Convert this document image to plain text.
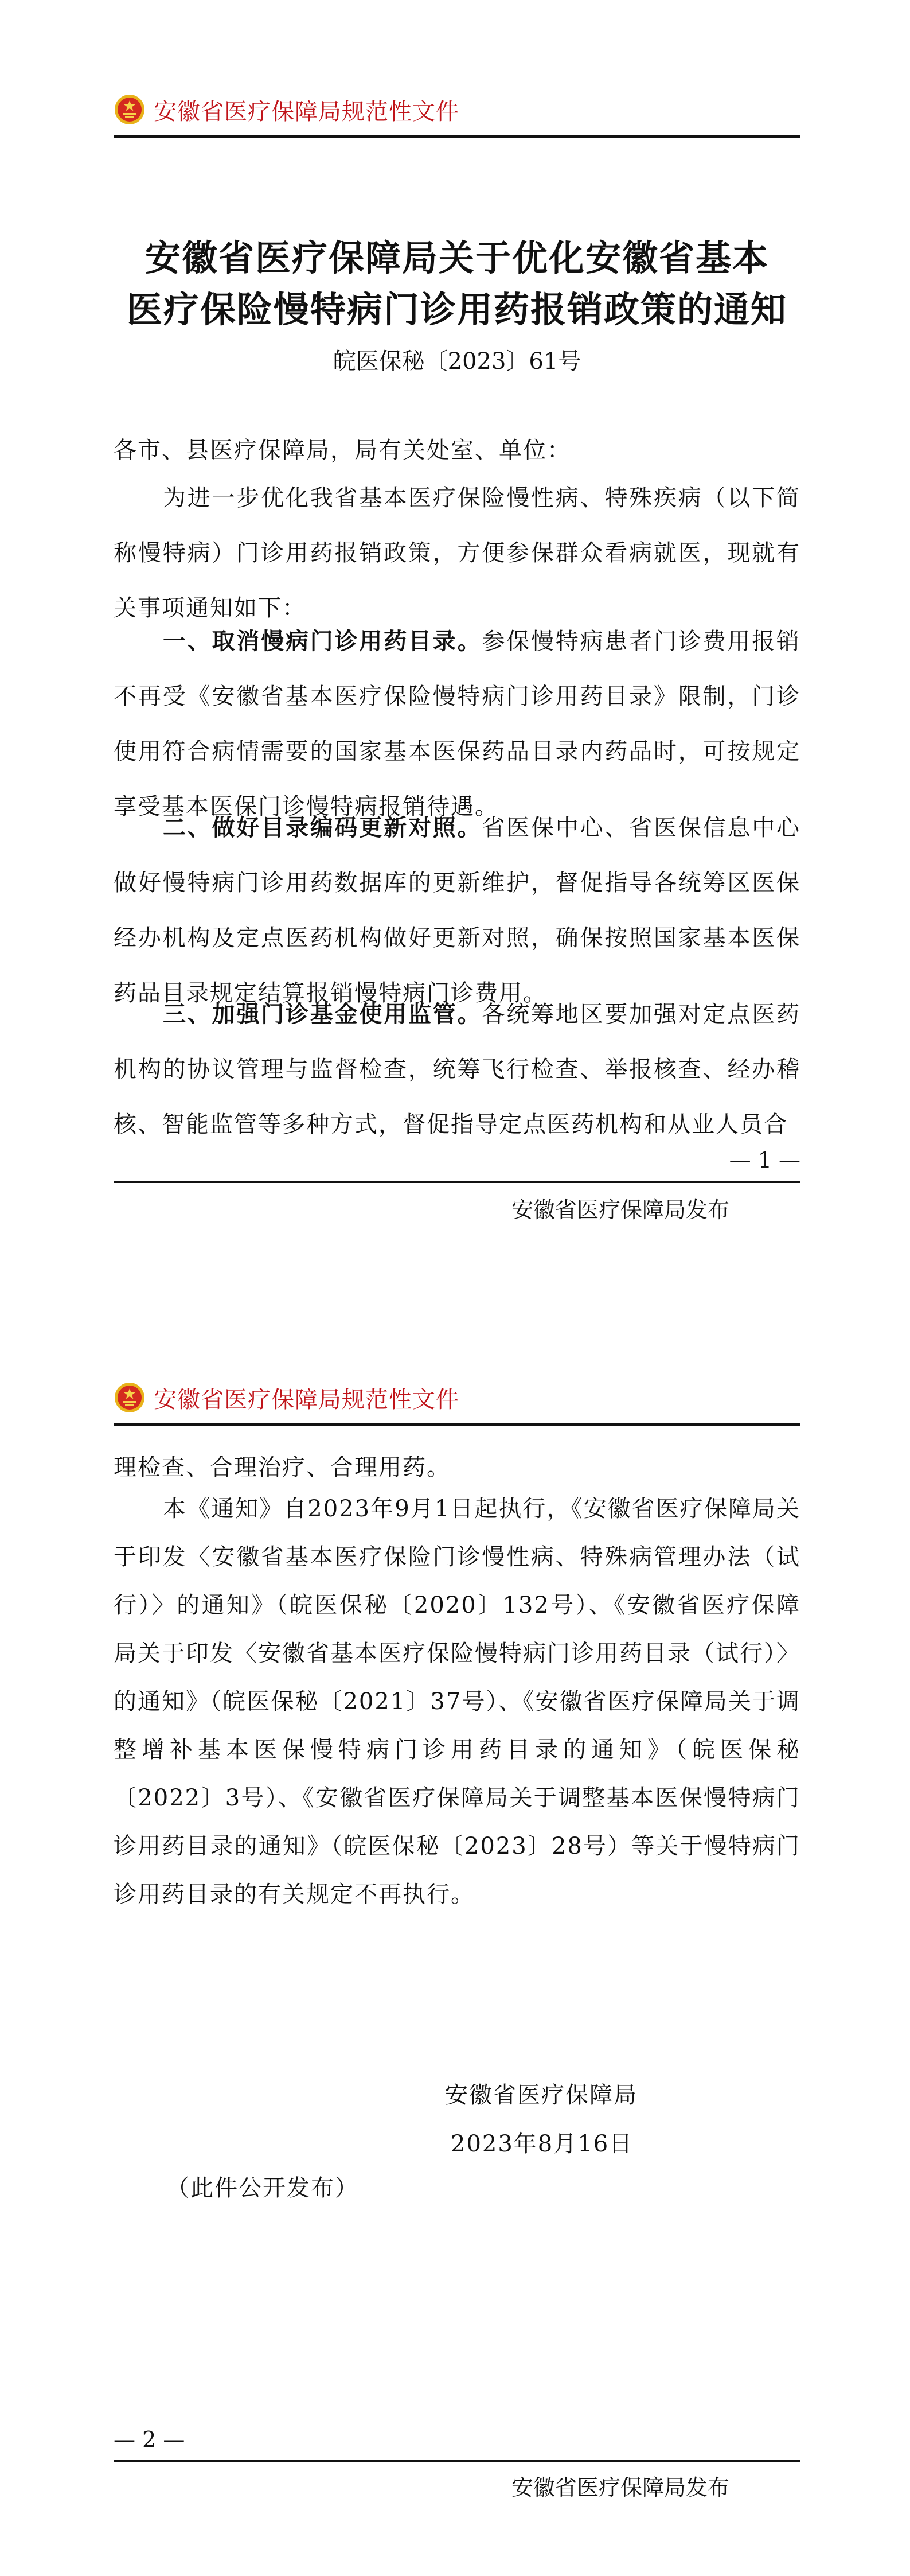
安徽省医疗保障局规范性文件
安徽省医疗保障局关于优化安徽省基本
医疗保险慢特病门诊用药报销政策的通知
皖医保秘〔2023〕61号

各市、县医疗保障局，局有关处室、单位：

为进一步优化我省基本医疗保险慢性病、特殊疾病（以下简称慢特病）门诊用药报销政策，方便参保群众看病就医，现就有关事项通知如下：

一、取消慢病门诊用药目录。参保慢特病患者门诊费用报销不再受《安徽省基本医疗保险慢特病门诊用药目录》限制，门诊使用符合病情需要的国家基本医保药品目录内药品时，可按规定享受基本医保门诊慢特病报销待遇。

二、做好目录编码更新对照。省医保中心、省医保信息中心做好慢特病门诊用药数据库的更新维护，督促指导各统筹区医保经办机构及定点医药机构做好更新对照，确保按照国家基本医保药品目录规定结算报销慢特病门诊费用。

三、加强门诊基金使用监管。各统筹地区要加强对定点医药机构的协议管理与监督检查，统筹飞行检查、举报核查、经办稽核、智能监管等多种方式，督促指导定点医药机构和从业人员合

— 1 —
安徽省医疗保障局发布
安徽省医疗保障局规范性文件

理检查、合理治疗、合理用药。

本《通知》自2023年9月1日起执行，《安徽省医疗保障局关于印发〈安徽省基本医疗保险门诊慢性病、特殊病管理办法（试行）〉的通知》（皖医保秘〔2020〕132号）、《安徽省医疗保障局关于印发〈安徽省基本医疗保险慢特病门诊用药目录（试行）〉的通知》（皖医保秘〔2021〕37号）、《安徽省医疗保障局关于调整增补基本医保慢特病门诊用药目录的通知》（皖医保秘〔2022〕3号）、《安徽省医疗保障局关于调整基本医保慢特病门诊用药目录的通知》（皖医保秘〔2023〕28号）等关于慢特病门诊用药目录的有关规定不再执行。

安徽省医疗保障局
2023年8月16日
（此件公开发布）
— 2 —
安徽省医疗保障局发布
